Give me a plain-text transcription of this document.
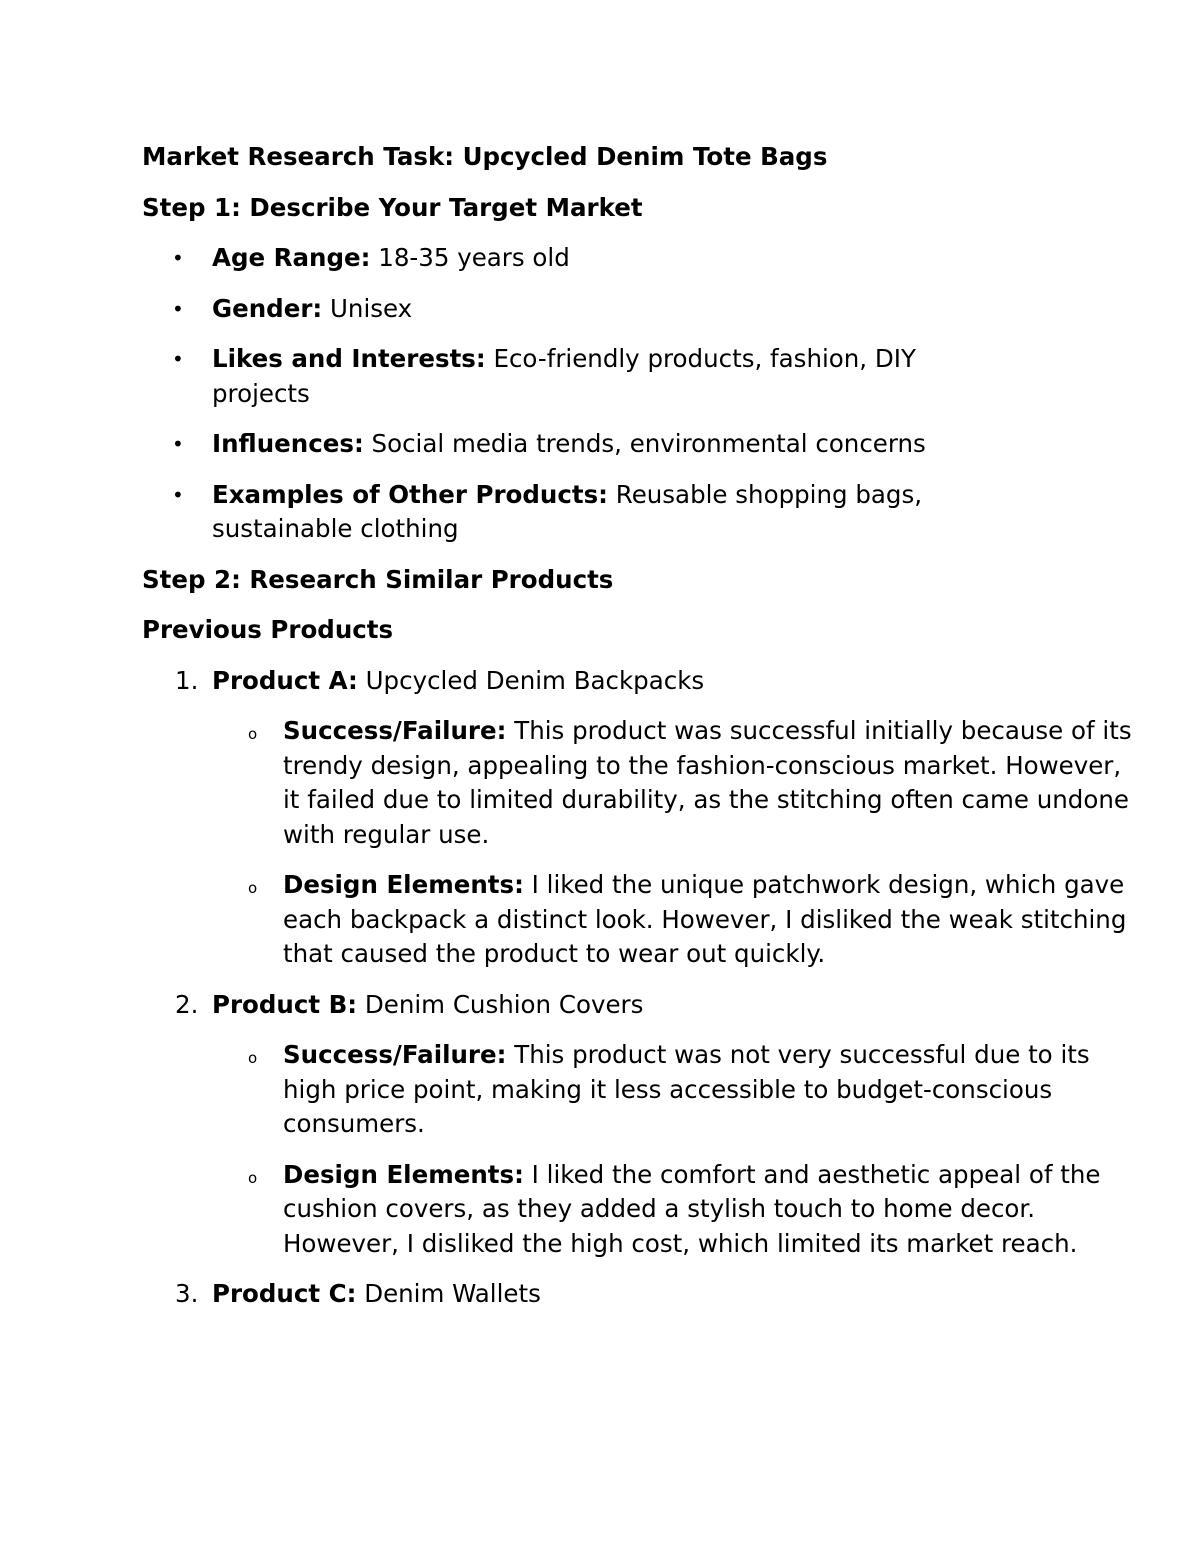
Market Research Task: Upcycled Denim Tote Bags

Step 1: Describe Your Target Market

• Age Range: 18-35 years old
• Gender: Unisex
• Likes and Interests: Eco-friendly products, fashion, DIY projects
• Influences: Social media trends, environmental concerns
• Examples of Other Products: Reusable shopping bags, sustainable clothing

Step 2: Research Similar Products

Previous Products

1. Product A: Upcycled Denim Backpacks

o Success/Failure: This product was successful initially because of its trendy design, appealing to the fashion-conscious market. However, it failed due to limited durability, as the stitching often came undone with regular use.
o Design Elements: I liked the unique patchwork design, which gave each backpack a distinct look. However, I disliked the weak stitching that caused the product to wear out quickly.
2. Product B: Denim Cushion Covers

o Success/Failure: This product was not very successful due to its high price point, making it less accessible to budget-conscious consumers.
o Design Elements: I liked the comfort and aesthetic appeal of the cushion covers, as they added a stylish touch to home decor. However, I disliked the high cost, which limited its market reach.
3. Product C: Denim Wallets
